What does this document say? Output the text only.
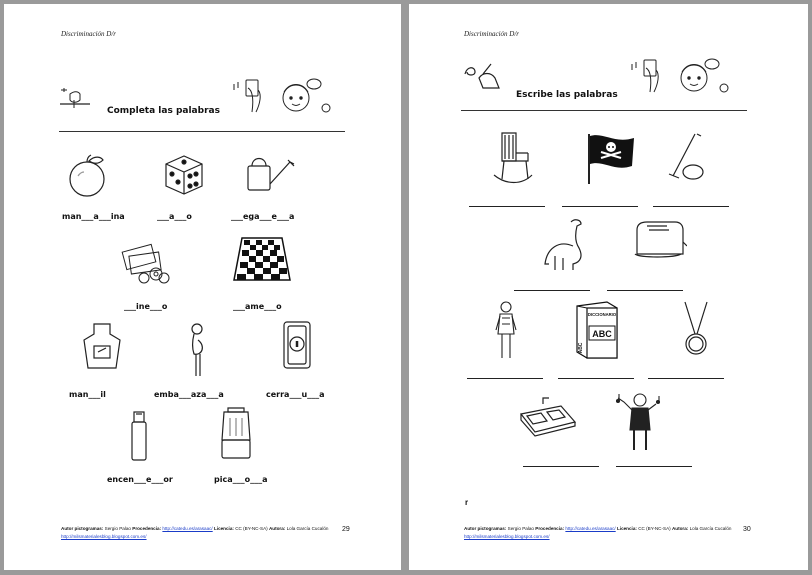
Discriminación D/r
Completa las palabras
man___a___ina	___a___o	___ega___e___a
___ine___o	___ame___o
man___il	emba___aza___a	cerra___u___a
encen___e___or	pica___o___a
Autor pictogramas: Sergio Palao Procedencia: http://catedu.es/arasaac/ Licencia: CC (BY-NC-SA) Autora: Lola García Cucalón
http://milsmaterialesblog.blogspot.com.es/
29
Discriminación D/r
Escribe las palabras
DICCIONARIO
ABC
ABC
r
Autor pictogramas: Sergio Palao Procedencia: http://catedu.es/arasaac/ Licencia: CC (BY-NC-SA) Autora: Lola García Cucalón
http://milsmaterialesblog.blogspot.com.es/
30
